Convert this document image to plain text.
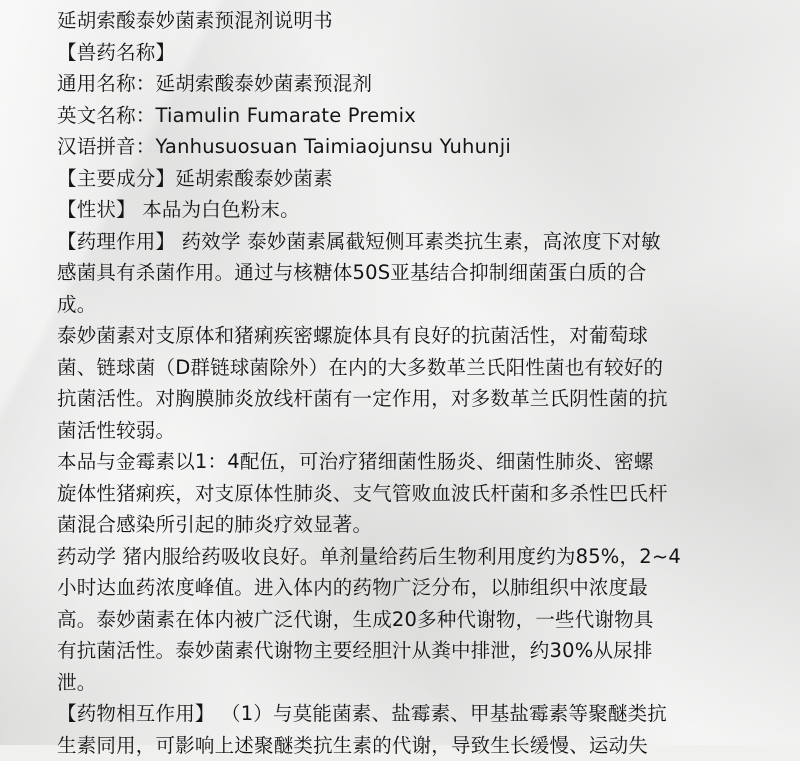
延胡索酸泰妙菌素预混剂说明书

【兽药名称】

通用名称：延胡索酸泰妙菌素预混剂

英文名称：Tiamulin Fumarate Premix

汉语拼音：Yanhusuosuan Taimiaojunsu Yuhunji

【主要成分】延胡索酸泰妙菌素

【性状】 本品为白色粉末。

【药理作用】 药效学 泰妙菌素属截短侧耳素类抗生素，高浓度下对敏
感菌具有杀菌作用。通过与核糖体50S亚基结合抑制细菌蛋白质的合
成。

泰妙菌素对支原体和猪痢疾密螺旋体具有良好的抗菌活性，对葡萄球
菌、链球菌（D群链球菌除外）在内的大多数革兰氏阳性菌也有较好的
抗菌活性。对胸膜肺炎放线杆菌有一定作用，对多数革兰氏阴性菌的抗
菌活性较弱。

本品与金霉素以1：4配伍，可治疗猪细菌性肠炎、细菌性肺炎、密螺
旋体性猪痢疾，对支原体性肺炎、支气管败血波氏杆菌和多杀性巴氏杆
菌混合感染所引起的肺炎疗效显著。

药动学 猪内服给药吸收良好。单剂量给药后生物利用度约为85%，2~4
小时达血药浓度峰值。进入体内的药物广泛分布，以肺组织中浓度最
高。泰妙菌素在体内被广泛代谢，生成20多种代谢物，一些代谢物具
有抗菌活性。泰妙菌素代谢物主要经胆汁从粪中排泄，约30%从尿排
泄。

【药物相互作用】 （1）与莫能菌素、盐霉素、甲基盐霉素等聚醚类抗
生素同用，可影响上述聚醚类抗生素的代谢，导致生长缓慢、运动失
